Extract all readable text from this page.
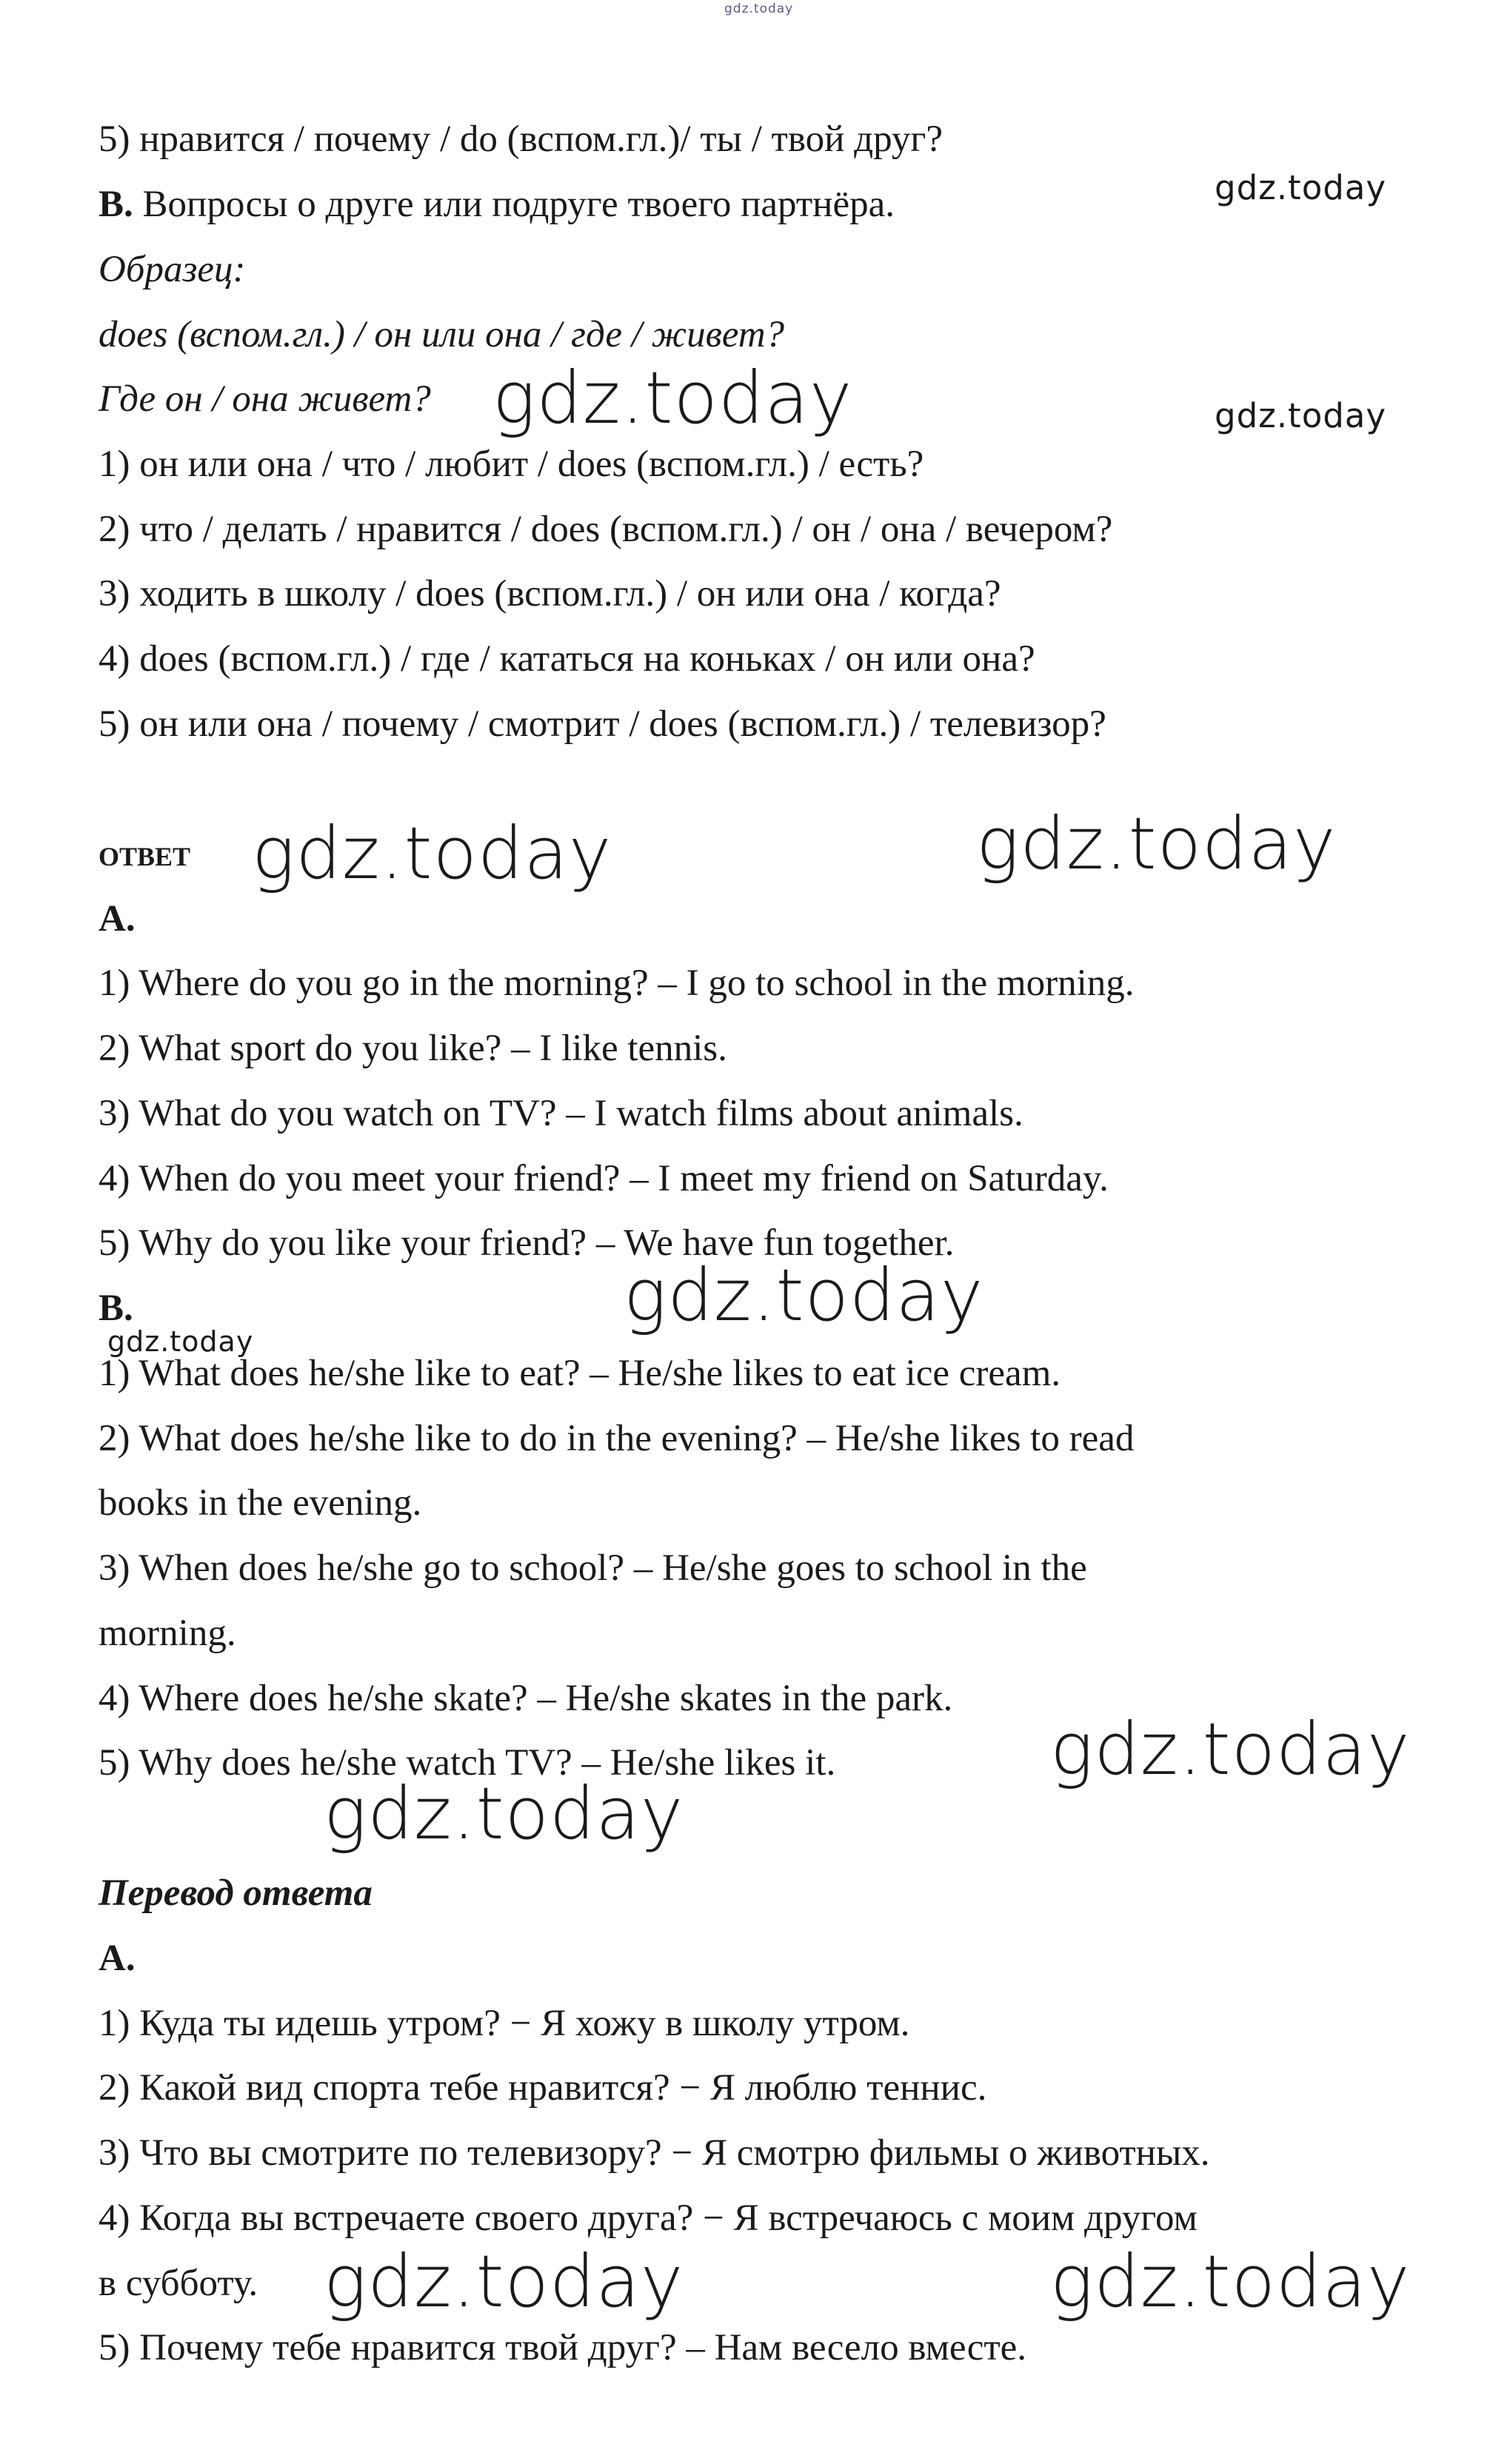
gdz.today
5) нравится / почему / do (вспом.гл.)/ ты / твой друг?
B. Вопросы о друге или подруге твоего партнёра.	gdz.today
Образец:
does (вспом.гл.) / он или она / где / живет?
Где он / она живет? gdz.today	gdz.today
1) он или она / что / любит / does (вспом.гл.) / есть?
2) что / делать / нравится / does (вспом.гл.) / он / она / вечером?
3) ходить в школу / does (вспом.гл.) / он или она / когда?
4) does (вспом.гл.) / где / кататься на коньках / он или она?
5) он или она / почему / смотрит / does (вспом.гл.) / телевизор?
ответ gdz.today	gdz.today
A.
1) Where do you go in the morning? – I go to school in the morning.
2) What sport do you like? – I like tennis.
3) What do you watch on TV? – I watch films about animals.
4) When do you meet your friend? – I meet my friend on Saturday.
5) Why do you like your friend? – We have fun together.
gdz.today
B.
gdz.today
1) What does he/she like to eat? – He/she likes to eat ice cream.
2) What does he/she like to do in the evening? – He/she likes to read
books in the evening.
3) When does he/she go to school? – He/she goes to school in the
morning.
4) Where does he/she skate? – He/she skates in the park.
5) Why does he/she watch TV? – He/she likes it.	gdz.today
gdz.today
Перевод ответа
A.
1) Куда ты идешь утром? − Я хожу в школу утром.
2) Какой вид спорта тебе нравится? − Я люблю теннис.
3) Что вы смотрите по телевизору? − Я смотрю фильмы о животных.
4) Когда вы встречаете своего друга? − Я встречаюсь с моим другом
в субботу. gdz.today	gdz.today
5) Почему тебе нравится твой друг? – Нам весело вместе.
